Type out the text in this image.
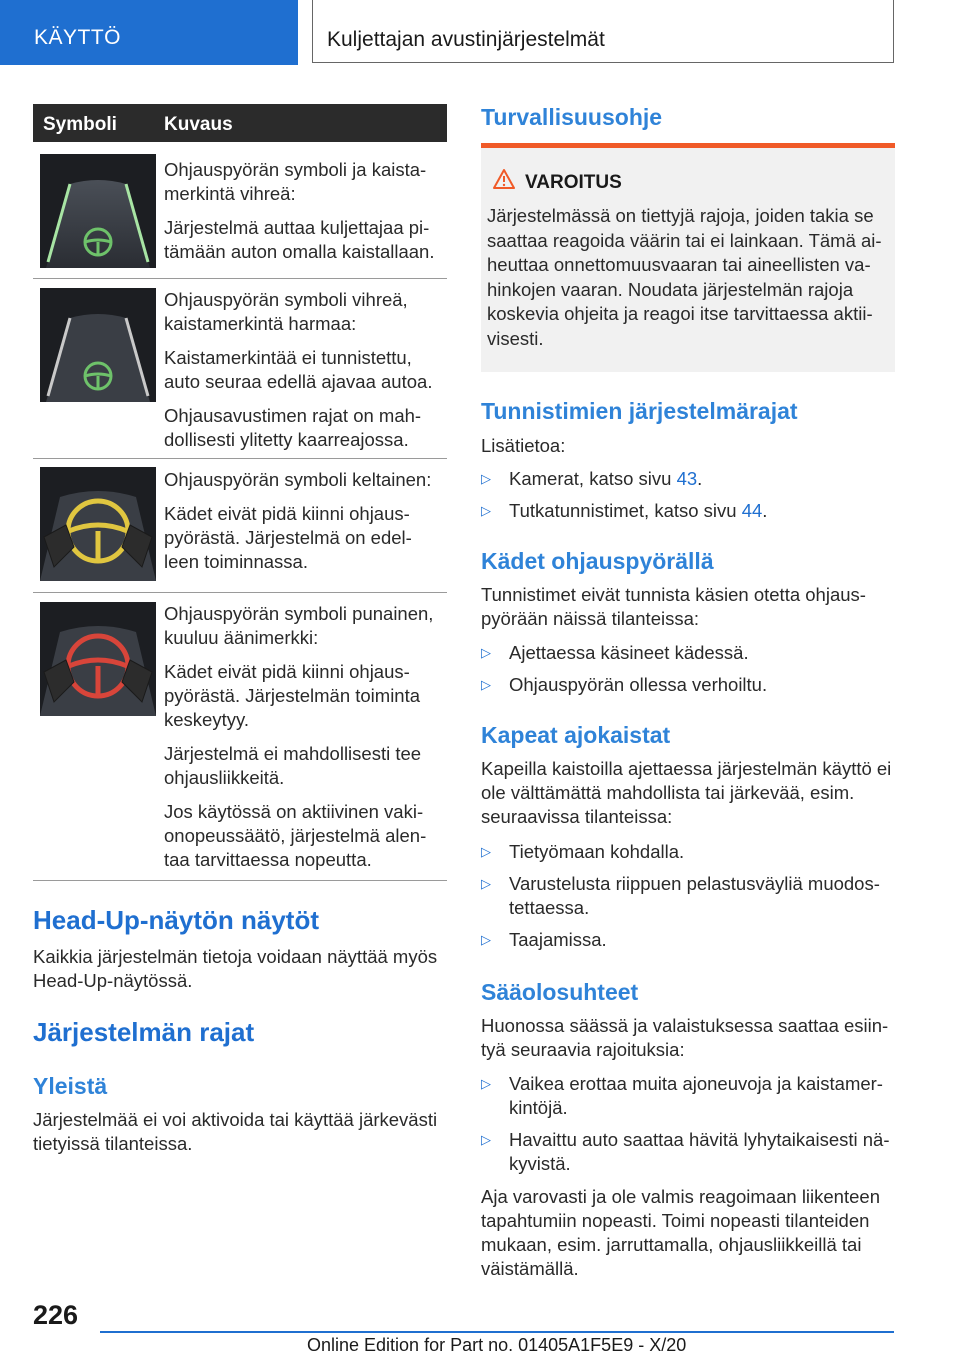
KÄYTTÖ	Kuljettajan avustinjärjestelmät
Symboli Kuvaus

Ohjauspyörän symboli ja kaista-merkintä vihreä:

Järjestelmä auttaa kuljettajaa pi-tämään auton omalla kaistallaan.

Ohjauspyörän symboli vihreä, kaistamerkintä harmaa:

Kaistamerkintää ei tunnistettu, auto seuraa edellä ajavaa autoa.

Ohjausavustimen rajat on mah-dollisesti ylitetty kaarreajossa.

Ohjauspyörän symboli keltainen:

Kädet eivät pidä kiinni ohjaus-pyörästä. Järjestelmä on edel-leen toiminnassa.

Ohjauspyörän symboli punainen, kuuluu äänimerkki:

Kädet eivät pidä kiinni ohjaus-pyörästä. Järjestelmän toiminta keskeytyy.

Järjestelmä ei mahdollisesti tee ohjausliikkeitä.

Jos käytössä on aktiivinen vaki-onopeussäätö, järjestelmä alen-taa tarvittaessa nopeutta.

Head-Up-näytön näytöt

Kaikkia järjestelmän tietoja voidaan näyttää myös Head-Up-näytössä.

Järjestelmän rajat
Yleistä

Järjestelmää ei voi aktivoida tai käyttää järkevästi tietyissä tilanteissa.

Turvallisuusohje
VAROITUS
Järjestelmässä on tiettyjä rajoja, joiden takia se saattaa reagoida väärin tai ei lainkaan. Tämä ai-heuttaa onnettomuusvaaran tai aineellisten va-hinkojen vaaran. Noudata järjestelmän rajoja koskevia ohjeita ja reagoi itse tarvittaessa aktii-visesti.
Tunnistimien järjestelmärajat

Lisätietoa:

▷ Kamerat, katso sivu 43.
▷ Tutkatunnistimet, katso sivu 44.
Kädet ohjauspyörällä

Tunnistimet eivät tunnista käsien otetta ohjaus-pyörään näissä tilanteissa:

▷ Ajettaessa käsineet kädessä.
▷ Ohjauspyörän ollessa verhoiltu.
Kapeat ajokaistat

Kapeilla kaistoilla ajettaessa järjestelmän käyttö ei ole välttämättä mahdollista tai järkevää, esim. seuraavissa tilanteissa:

▷ Tietyömaan kohdalla.
▷ Varustelusta riippuen pelastusväyliä muodos-tettaessa.
▷ Taajamissa.
Sääolosuhteet

Huonossa säässä ja valaistuksessa saattaa esiin-tyä seuraavia rajoituksia:

▷ Vaikea erottaa muita ajoneuvoja ja kaistamer-kintöjä.
▷ Havaittu auto saattaa hävitä lyhytaikaisesti nä-kyvistä.

Aja varovasti ja ole valmis reagoimaan liikenteen tapahtumiin nopeasti. Toimi nopeasti tilanteiden mukaan, esim. jarruttamalla, ohjausliikkeillä tai väistämällä.

226
Online Edition for Part no. 01405A1F5E9 - X/20
